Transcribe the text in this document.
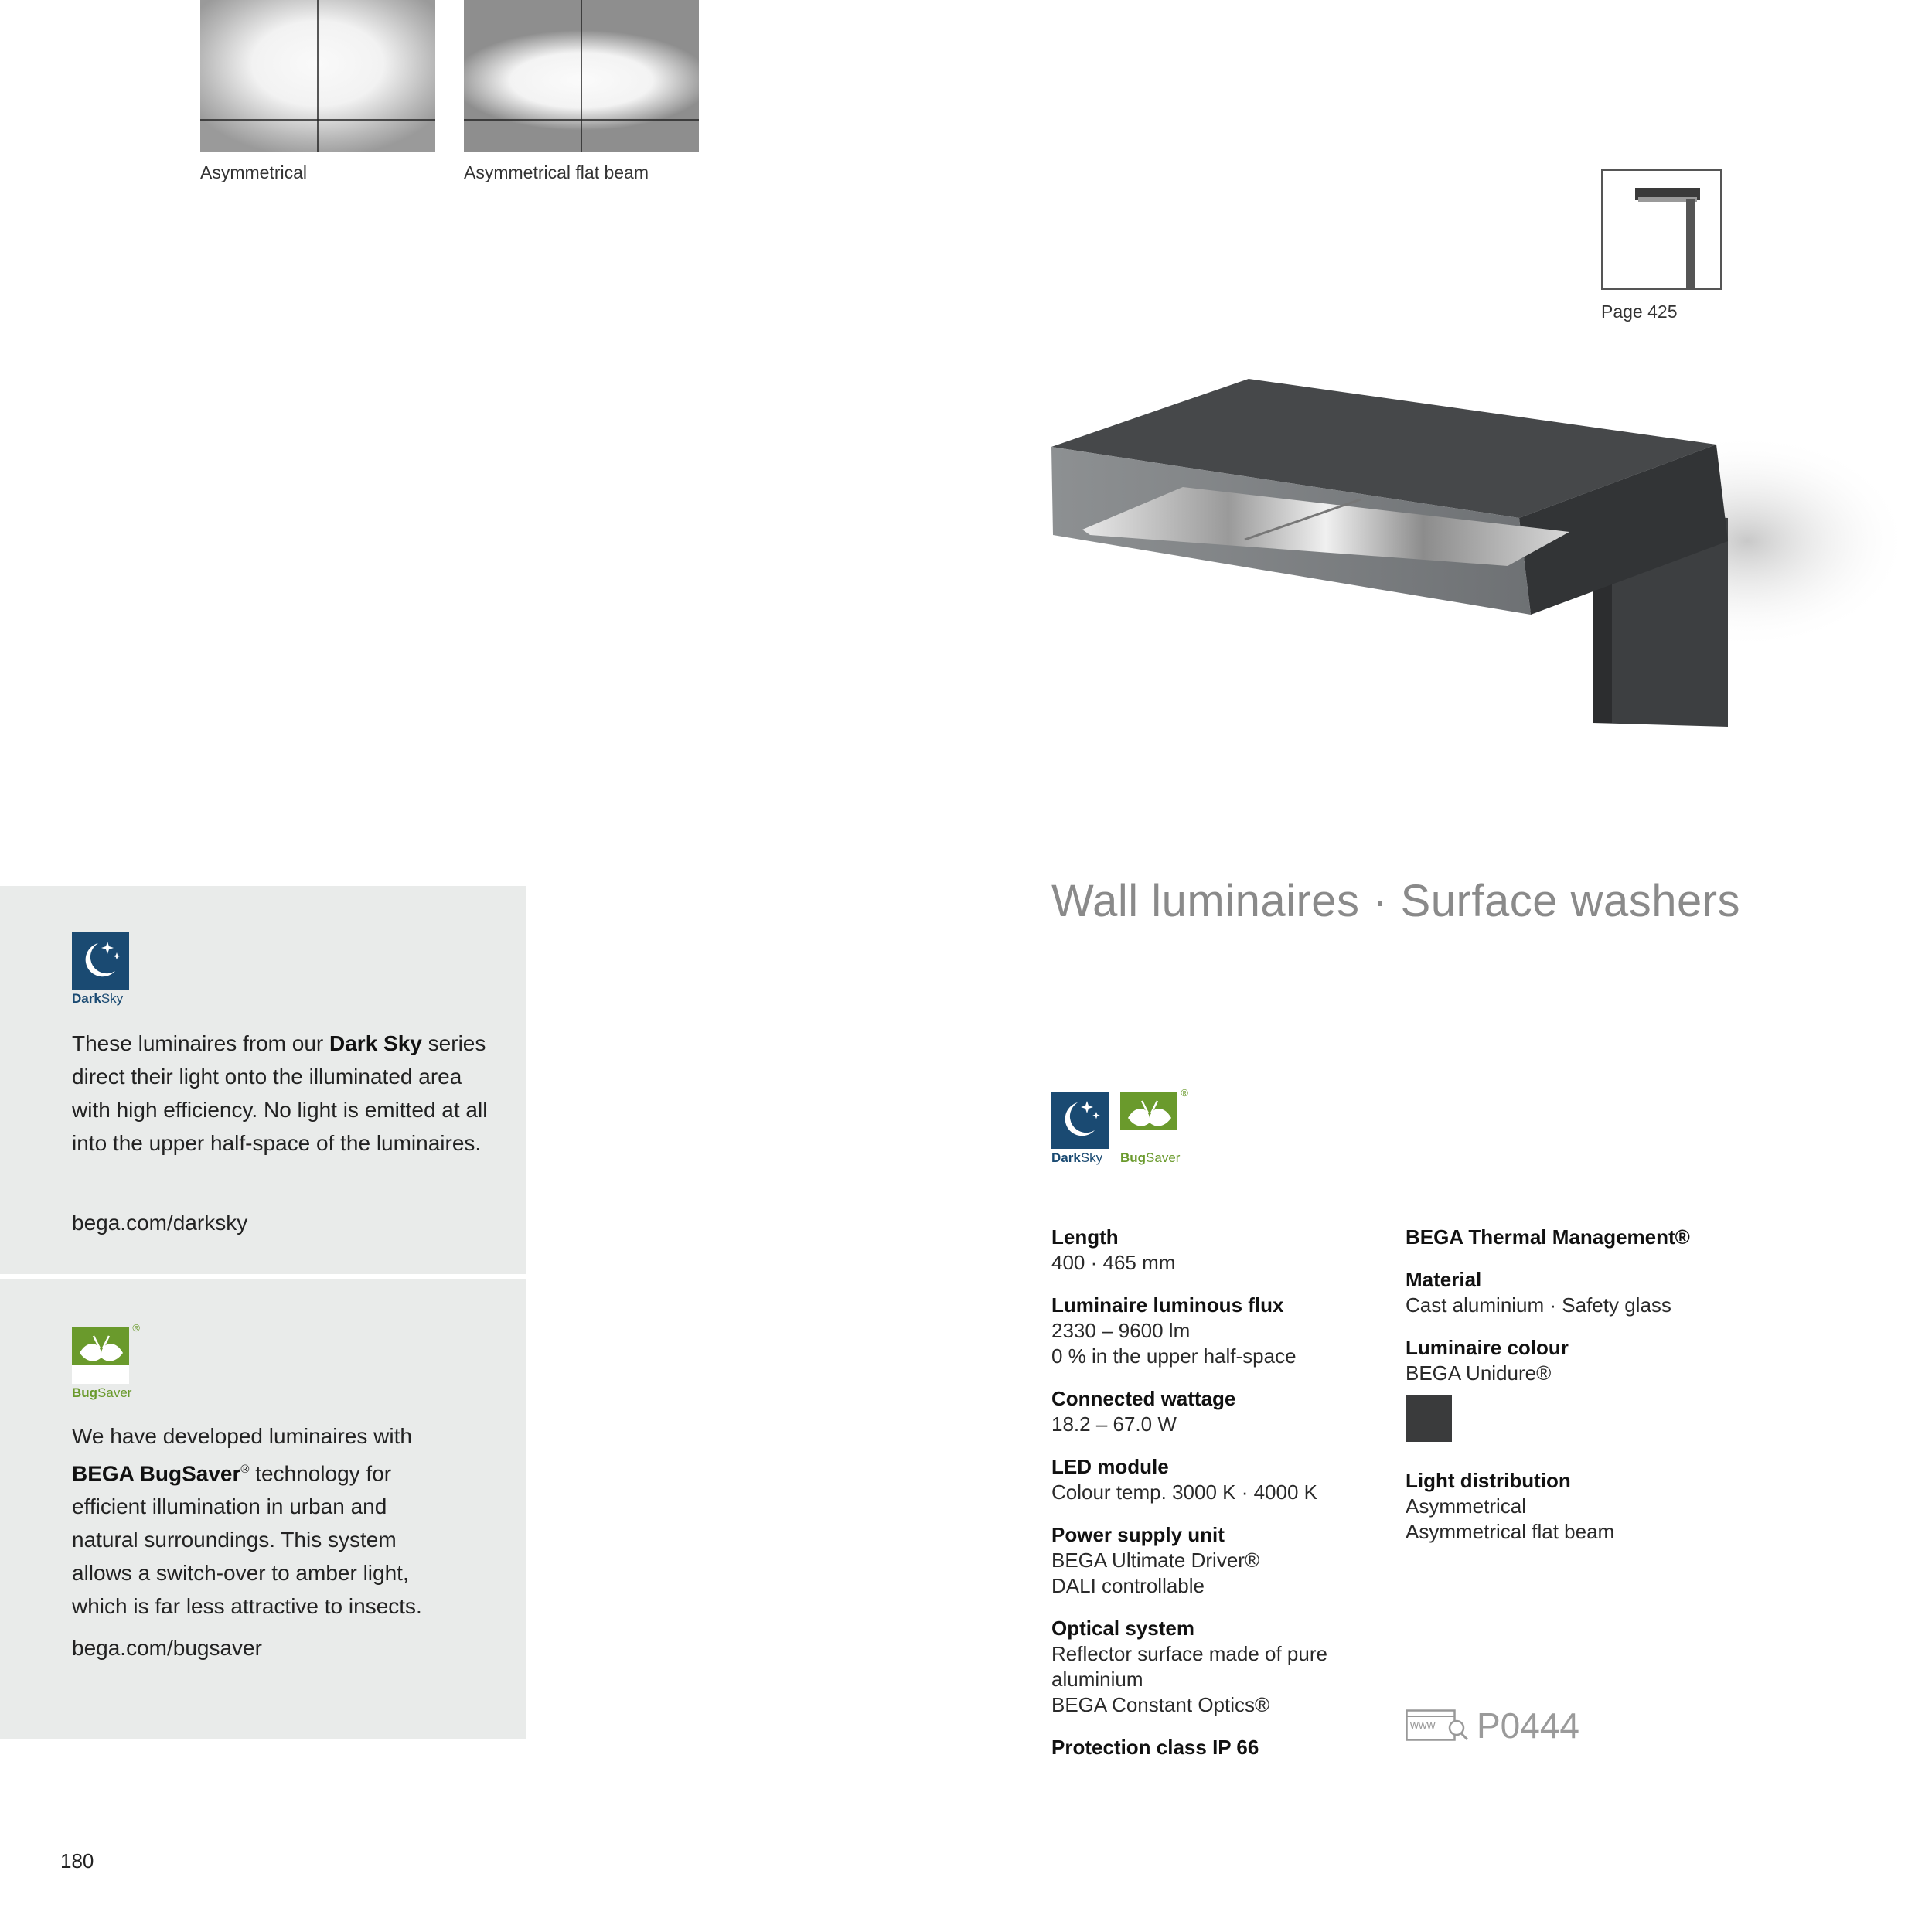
Asymmetrical	Asymmetrical flat beam
Page 425
Wall luminaires · Surface washers
DarkSky
®
BugSaver
Length
400 · 465 mm
Luminaire luminous flux
2330 – 9600 lm
0 % in the upper half-space
Connected wattage
18.2 – 67.0 W
LED module
Colour temp. 3000 K · 4000 K
Power supply unit
BEGA Ultimate Driver®
DALI controllable
Optical system
Reflector surface made of pure aluminium
BEGA Constant Optics®
Protection class IP 66
BEGA Thermal Management®
Material
Cast aluminium · Safety glass
Luminaire colour
BEGA Unidure®
Light distribution
Asymmetrical
Asymmetrical flat beam
www P0444
DarkSky
These luminaires from our Dark Sky series direct their light onto the illuminated area with high efficiency. No light is emitted at all into the upper half-space of the luminaires.
bega.com/darksky
®
BugSaver
We have developed luminaires with BEGA BugSaver® technology for efficient illumination in urban and natural surroundings. This system allows a switch-over to amber light, which is far less attractive to insects.
bega.com/bugsaver
180
